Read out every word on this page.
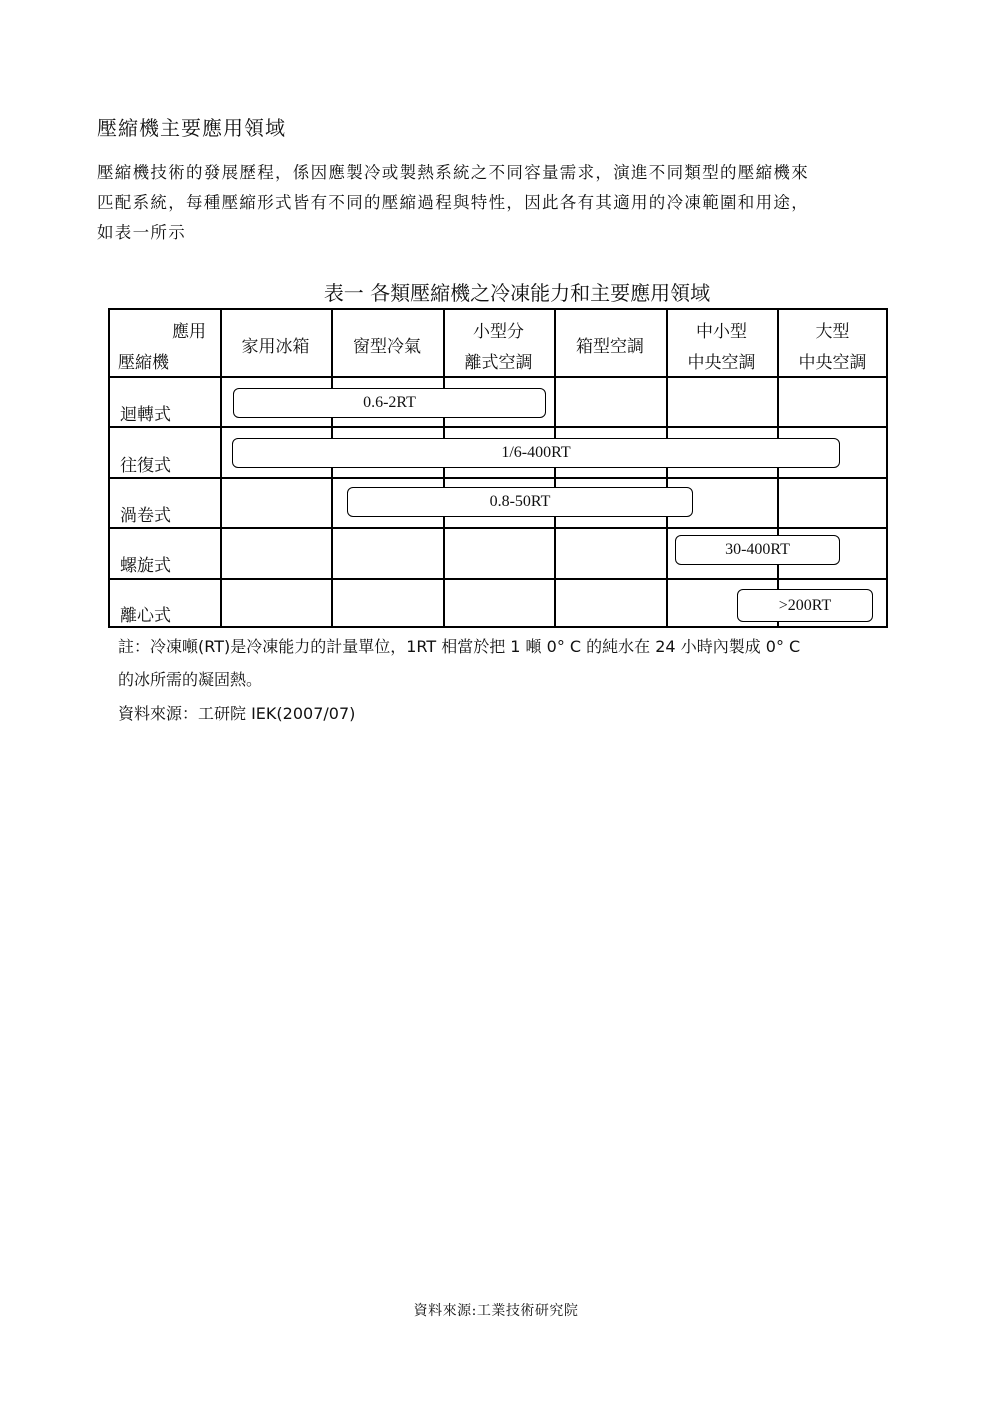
壓縮機主要應用領域

壓縮機技術的發展歷程，係因應製冷或製熱系統之不同容量需求，演進不同類型的壓縮機來
匹配系統，每種壓縮形式皆有不同的壓縮過程與特性，因此各有其適用的冷凍範圍和用途，
如表一所示

表一 各類壓縮機之冷凍能力和主要應用領域

應用
壓縮機
家用冰箱	窗型冷氣
小型分
離式空調
箱型空調
中小型
中央空調
大型
中央空調
迴轉式
往復式
渦卷式
螺旋式
離心式
0.6-2RT
1/6-400RT
0.8-50RT
30-400RT
>200RT

註：冷凍噸(RT)是冷凍能力的計量單位，1RT 相當於把 1 噸 0° C 的純水在 24 小時內製成 0° C

的冰所需的凝固熱。

資料來源：工研院 IEK(2007/07)

資料來源:工業技術研究院
